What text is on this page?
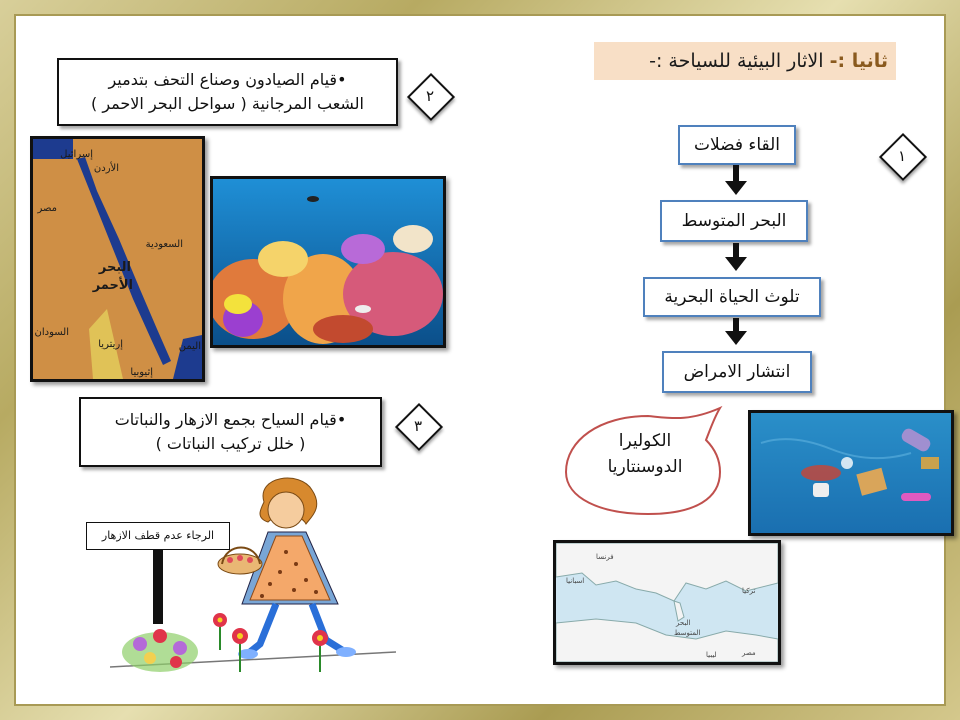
ثانيا :- الاثار البيئية للسياحة :-
١
القاء فضلات
البحر المتوسط
تلوث الحياة البحرية
انتشار الامراض
الكوليرا
الدوسنتاريا
فرنسا
اسبانيا
تركيا
البحر
المتوسط
مصر
ليبيا
•قيام الصيادون وصناع التحف بتدمير
الشعب المرجانية ( سواحل البحر الاحمر )	٢
إسرائيل
الأردن
مصر
السعودية
البحر
الأحمر
السودان
إريتريا	اليمن
إثيوبيا
•قيام السياح بجمع الازهار والنباتات
( خلل تركيب النباتات )
٣
الرجاء عدم قطف الازهار
